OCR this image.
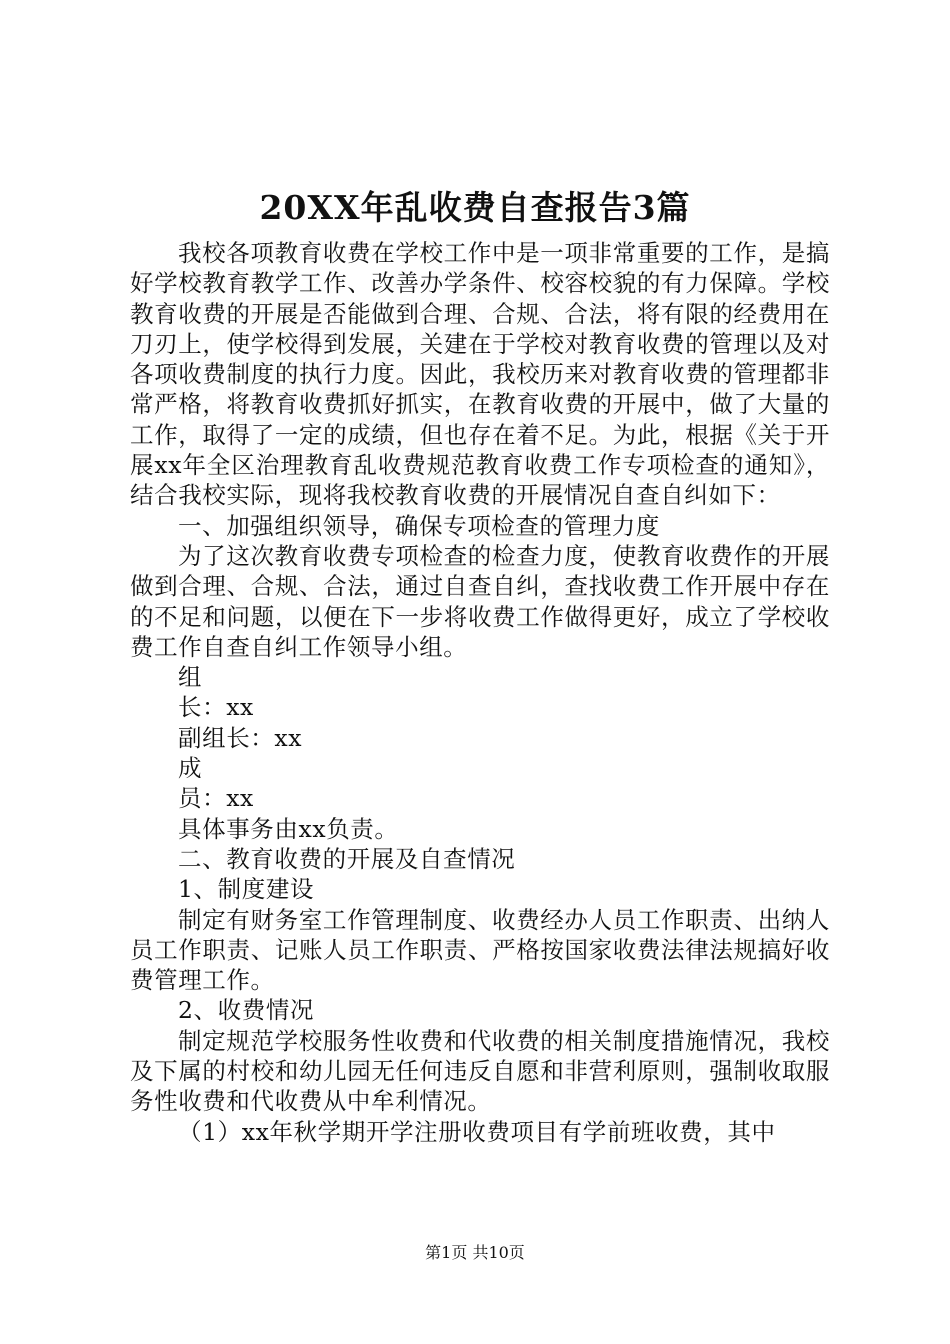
20XX年乱收费自查报告3篇

我校各项教育收费在学校工作中是一项非常重要的工作，是搞好学校教育教学工作、改善办学条件、校容校貌的有力保障。学校教育收费的开展是否能做到合理、合规、合法，将有限的经费用在刀刃上，使学校得到发展，关建在于学校对教育收费的管理以及对各项收费制度的执行力度。因此，我校历来对教育收费的管理都非常严格，将教育收费抓好抓实，在教育收费的开展中，做了大量的工作，取得了一定的成绩，但也存在着不足。为此，根据《关于开展xx年全区治理教育乱收费规范教育收费工作专项检查的通知》，结合我校实际，现将我校教育收费的开展情况自查自纠如下：

一、加强组织领导，确保专项检查的管理力度

为了这次教育收费专项检查的检查力度，使教育收费作的开展做到合理、合规、合法，通过自查自纠，查找收费工作开展中存在的不足和问题，以便在下一步将收费工作做得更好，成立了学校收费工作自查自纠工作领导小组。

组

长：xx

副组长：xx

成

员：xx

具体事务由xx负责。

二、教育收费的开展及自查情况

1、制度建设

制定有财务室工作管理制度、收费经办人员工作职责、出纳人员工作职责、记账人员工作职责、严格按国家收费法律法规搞好收费管理工作。

2、收费情况

制定规范学校服务性收费和代收费的相关制度措施情况，我校及下属的村校和幼儿园无任何违反自愿和非营利原则，强制收取服务性收费和代收费从中牟利情况。

（1）xx年秋学期开学注册收费项目有学前班收费，其中

第1页 共10页
